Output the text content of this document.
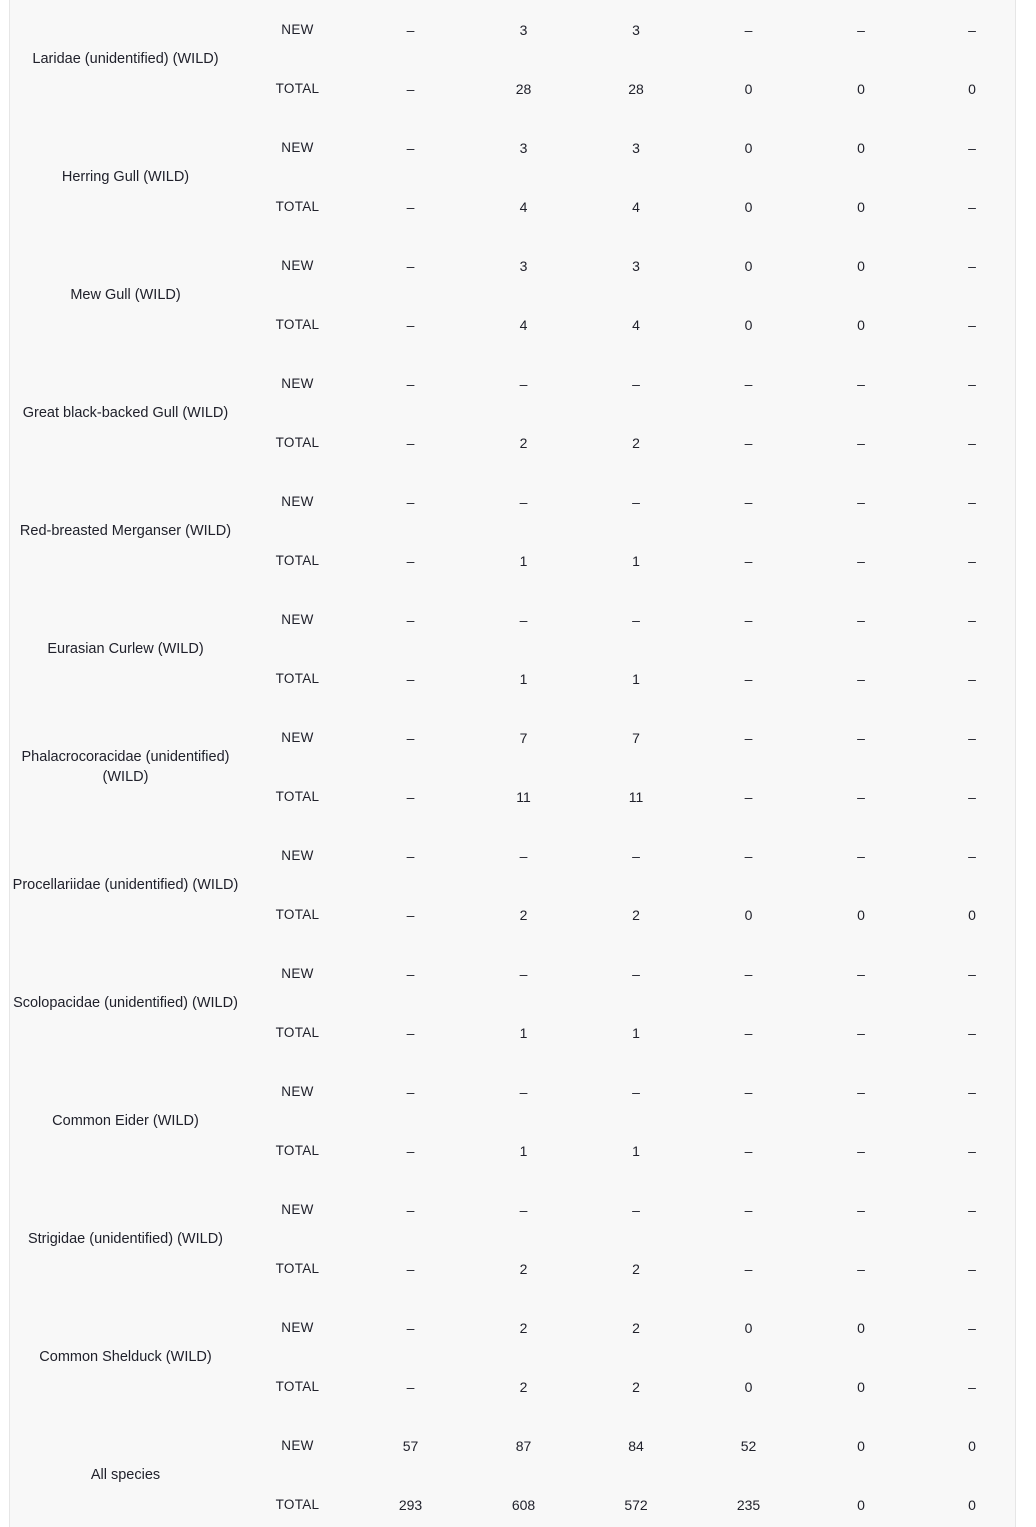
Laridae (unidentified) (WILD)	NEW	–	3	3	–	–	–
	TOTAL	–	28	28	0	0	0
Herring Gull (WILD)	NEW	–	3	3	0	0	–
	TOTAL	–	4	4	0	0	–
Mew Gull (WILD)	NEW	–	3	3	0	0	–
	TOTAL	–	4	4	0	0	–
Great black-backed Gull (WILD)	NEW	–	–	–	–	–	–
	TOTAL	–	2	2	–	–	–
Red-breasted Merganser (WILD)	NEW	–	–	–	–	–	–
	TOTAL	–	1	1	–	–	–
Eurasian Curlew (WILD)	NEW	–	–	–	–	–	–
	TOTAL	–	1	1	–	–	–
Phalacrocoracidae (unidentified) (WILD)	NEW	–	7	7	–	–	–
	TOTAL	–	11	11	–	–	–
Procellariidae (unidentified) (WILD)	NEW	–	–	–	–	–	–
	TOTAL	–	2	2	0	0	0
Scolopacidae (unidentified) (WILD)	NEW	–	–	–	–	–	–
	TOTAL	–	1	1	–	–	–
Common Eider (WILD)	NEW	–	–	–	–	–	–
	TOTAL	–	1	1	–	–	–
Strigidae (unidentified) (WILD)	NEW	–	–	–	–	–	–
	TOTAL	–	2	2	–	–	–
Common Shelduck (WILD)	NEW	–	2	2	0	0	–
	TOTAL	–	2	2	0	0	–
All species	NEW	57	87	84	52	0	0
	TOTAL	293	608	572	235	0	0
